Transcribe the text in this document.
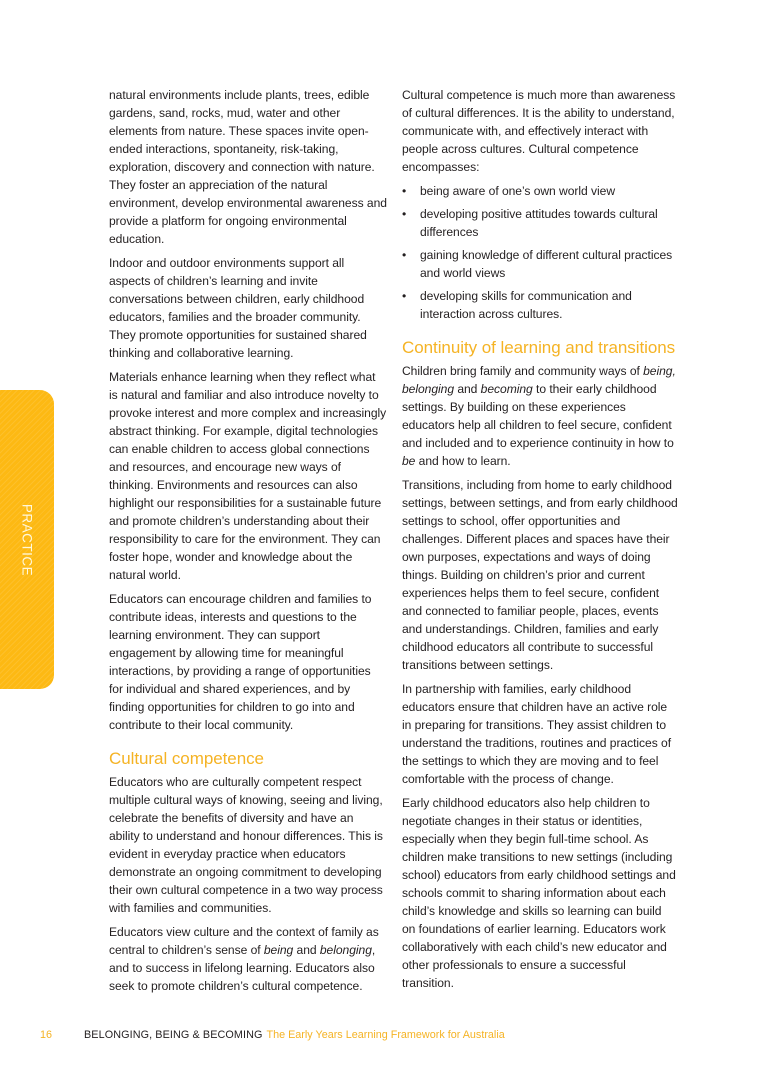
PRACTICE

natural environments include plants, trees, edible gardens, sand, rocks, mud, water and other elements from nature. These spaces invite open-ended interactions, spontaneity, risk-taking, exploration, discovery and connection with nature. They foster an appreciation of the natural environment, develop environmental awareness and provide a platform for ongoing environmental education.

Indoor and outdoor environments support all aspects of children’s learning and invite conversations between children, early childhood educators, families and the broader community. They promote opportunities for sustained shared thinking and collaborative learning.

Materials enhance learning when they reflect what is natural and familiar and also introduce novelty to provoke interest and more complex and increasingly abstract thinking. For example, digital technologies can enable children to access global connections and resources, and encourage new ways of thinking. Environments and resources can also highlight our responsibilities for a sustainable future and promote children’s understanding about their responsibility to care for the environment. They can foster hope, wonder and knowledge about the natural world.

Educators can encourage children and families to contribute ideas, interests and questions to the learning environment. They can support engagement by allowing time for meaningful interactions, by providing a range of opportunities for individual and shared experiences, and by finding opportunities for children to go into and contribute to their local community.

Cultural competence

Educators who are culturally competent respect multiple cultural ways of knowing, seeing and living, celebrate the benefits of diversity and have an ability to understand and honour differences. This is evident in everyday practice when educators demonstrate an ongoing commitment to developing their own cultural competence in a two way process with families and communities.

Educators view culture and the context of family as central to children’s sense of being and belonging, and to success in lifelong learning. Educators also seek to promote children’s cultural competence.

Cultural competence is much more than awareness of cultural differences. It is the ability to understand, communicate with, and effectively interact with people across cultures. Cultural competence encompasses:

• being aware of one’s own world view
• developing positive attitudes towards cultural differences
• gaining knowledge of different cultural practices and world views
• developing skills for communication and interaction across cultures.
Continuity of learning and transitions

Children bring family and community ways of being, belonging and becoming to their early childhood settings. By building on these experiences educators help all children to feel secure, confident and included and to experience continuity in how to be and how to learn.

Transitions, including from home to early childhood settings, between settings, and from early childhood settings to school, offer opportunities and challenges. Different places and spaces have their own purposes, expectations and ways of doing things. Building on children’s prior and current experiences helps them to feel secure, confident and connected to familiar people, places, events and understandings. Children, families and early childhood educators all contribute to successful transitions between settings.

In partnership with families, early childhood educators ensure that children have an active role in preparing for transitions. They assist children to understand the traditions, routines and practices of the settings to which they are moving and to feel comfortable with the process of change.

Early childhood educators also help children to negotiate changes in their status or identities, especially when they begin full-time school. As children make transitions to new settings (including school) educators from early childhood settings and schools commit to sharing information about each child’s knowledge and skills so learning can build on foundations of earlier learning. Educators work collaboratively with each child’s new educator and other professionals to ensure a successful transition.

16	BELONGING, BEING & BECOMING The Early Years Learning Framework for Australia
